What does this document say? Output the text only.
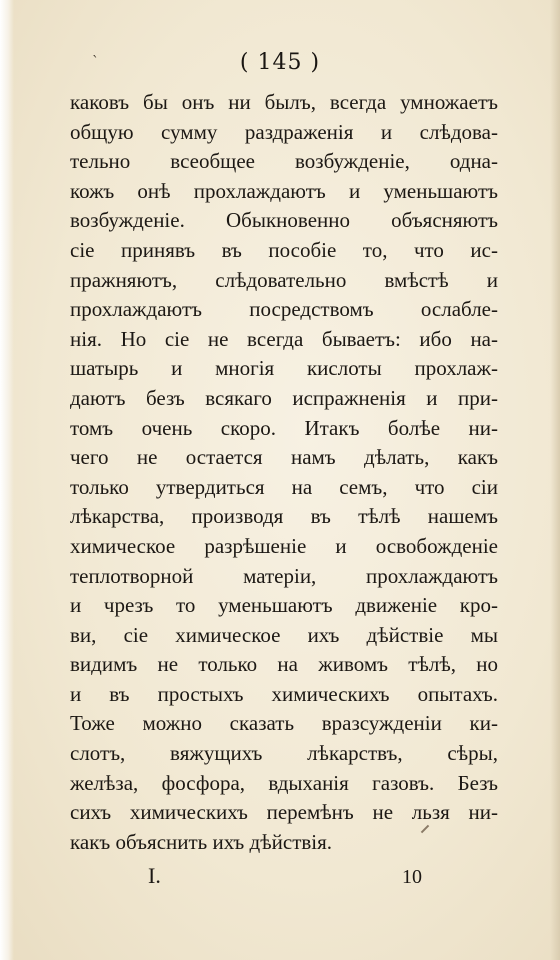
ˋ	( 145 )
каковъ бы онъ ни былъ, всегда умножаетъ
общую сумму раздраженія и слѣдова-
тельно всеобщее возбужденіе, одна-
кожъ онѣ прохлаждаютъ и уменьшаютъ
возбужденіе. Обыкновенно объясняютъ
сіе принявъ въ пособіе то, что ис-
пражняютъ, слѣдовательно вмѣстѣ и
прохлаждаютъ посредствомъ ослабле-
нія. Но сіе не всегда бываетъ: ибо на-
шатырь и многія кислоты прохлаж-
даютъ безъ всякаго испражненія и при-
томъ очень скоро. Итакъ болѣе ни-
чего не остается намъ дѣлать, какъ
только утвердиться на семъ, что сіи
лѣкарства, производя въ тѣлѣ нашемъ
химическое разрѣшеніе и освобожденіе
теплотворной матеріи, прохлаждаютъ
и чрезъ то уменьшаютъ движеніе кро-
ви, сіе химическое ихъ дѣйствіе мы
видимъ не только на живомъ тѣлѣ, но
и въ простыхъ химическихъ опытахъ.
Тоже можно сказать вразсужденіи ки-
слотъ, вяжущихъ лѣкарствъ, сѣры,
желѣза, фосфора, вдыханія газовъ. Безъ
сихъ химическихъ перемѣнъ не льзя ни-
какъ объяснить ихъ дѣйствія.
I.	10
